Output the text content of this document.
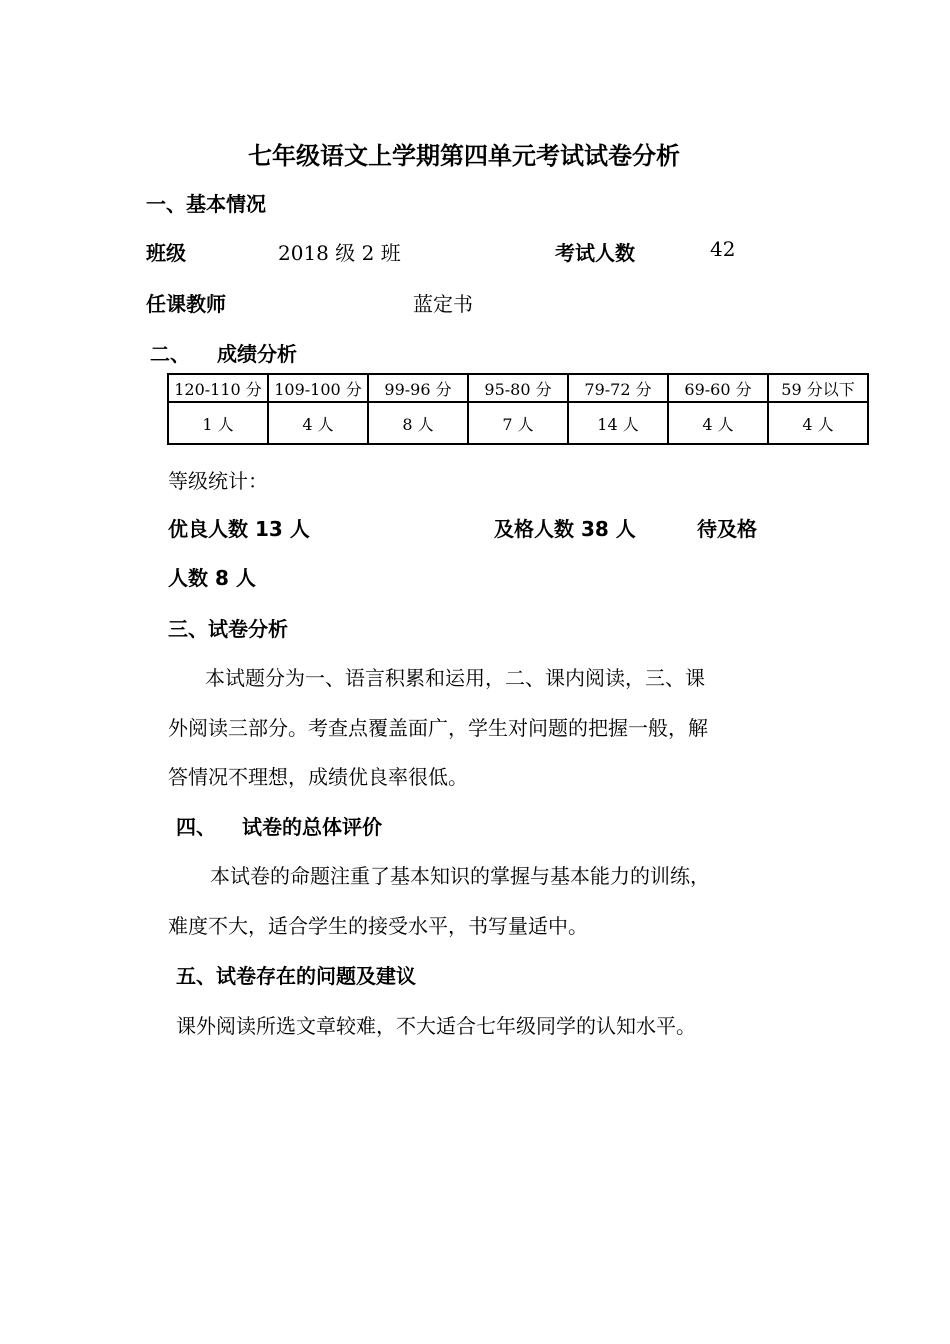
七年级语文上学期第四单元考试试卷分析
一、基本情况
班级	2018 级 2 班	考试人数	42
任课教师	蓝定书
二、 成绩分析
120-110 分	109-100 分	99-96 分	95-80 分	79-72 分	69-60 分	59 分以下
1 人	4 人	8 人	7 人	14 人	4 人	4 人
等级统计：
优良人数 13 人	及格人数 38 人	待及格
人数 8 人
三、试卷分析
本试题分为一、语言积累和运用，二、课内阅读，三、课
外阅读三部分。考查点覆盖面广，学生对问题的把握一般，解
答情况不理想，成绩优良率很低。
四、 试卷的总体评价
本试卷的命题注重了基本知识的掌握与基本能力的训练，
难度不大，适合学生的接受水平，书写量适中。
五、试卷存在的问题及建议
课外阅读所选文章较难，不大适合七年级同学的认知水平。
